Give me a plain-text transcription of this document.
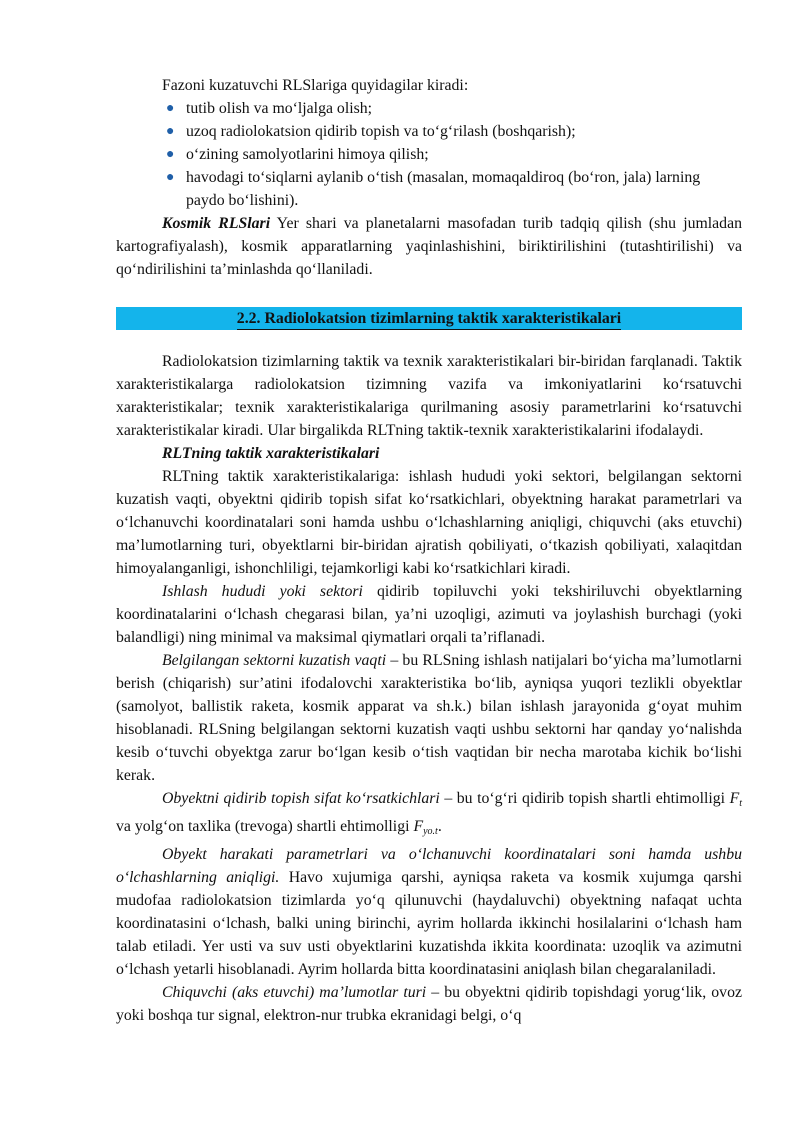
Fazoni kuzatuvchi RLSlariga quyidagilar kiradi:

● tutib olish va mo‘ljalga olish;
● uzoq radiolokatsion qidirib topish va to‘g‘rilash (boshqarish);
● o‘zining samolyotlarini himoya qilish;
● havodagi to‘siqlarni aylanib o‘tish (masalan, momaqaldiroq (bo‘ron, jala) larning paydo bo‘lishini).

Kosmik RLSlari Yer shari va planetalarni masofadan turib tadqiq qilish (shu jumladan kartografiyalash), kosmik apparatlarning yaqinlashishini, biriktirilishini (tutashtirilishi) va qo‘ndirilishini ta’minlashda qo‘llaniladi.

2.2. Radiolokatsion tizimlarning taktik xarakteristikalari

Radiolokatsion tizimlarning taktik va texnik xarakteristikalari bir-biridan farqlanadi. Taktik xarakteristikalarga radiolokatsion tizimning vazifa va imkoniyatlarini ko‘rsatuvchi xarakteristikalar; texnik xarakteristikalariga qurilmaning asosiy parametrlarini ko‘rsatuvchi xarakteristikalar kiradi. Ular birgalikda RLTning taktik-texnik xarakteristikalarini ifodalaydi.

RLTning taktik xarakteristikalari

RLTning taktik xarakteristikalariga: ishlash hududi yoki sektori, belgilangan sektorni kuzatish vaqti, obyektni qidirib topish sifat ko‘rsatkichlari, obyektning harakat parametrlari va o‘lchanuvchi koordinatalari soni hamda ushbu o‘lchashlarning aniqligi, chiquvchi (aks etuvchi) ma’lumotlarning turi, obyektlarni bir-biridan ajratish qobiliyati, o‘tkazish qobiliyati, xalaqitdan himoyalanganligi, ishonchliligi, tejamkorligi kabi ko‘rsatkichlari kiradi.

Ishlash hududi yoki sektori qidirib topiluvchi yoki tekshiriluvchi obyektlarning koordinatalarini o‘lchash chegarasi bilan, ya’ni uzoqligi, azimuti va joylashish burchagi (yoki balandligi) ning minimal va maksimal qiymatlari orqali ta’riflanadi.

Belgilangan sektorni kuzatish vaqti – bu RLSning ishlash natijalari bo‘yicha ma’lumotlarni berish (chiqarish) sur’atini ifodalovchi xarakteristika bo‘lib, ayniqsa yuqori tezlikli obyektlar (samolyot, ballistik raketa, kosmik apparat va sh.k.) bilan ishlash jarayonida g‘oyat muhim hisoblanadi. RLSning belgilangan sektorni kuzatish vaqti ushbu sektorni har qanday yo‘nalishda kesib o‘tuvchi obyektga zarur bo‘lgan kesib o‘tish vaqtidan bir necha marotaba kichik bo‘lishi kerak.

Obyektni qidirib topish sifat ko‘rsatkichlari – bu to‘g‘ri qidirib topish shartli ehtimolligi $F_t$ va yolg‘on taxlika (trevoga) shartli ehtimolligi $F_{yo.t}$.

Obyekt harakati parametrlari va o‘lchanuvchi koordinatalari soni hamda ushbu o‘lchashlarning aniqligi. Havo xujumiga qarshi, ayniqsa raketa va kosmik xujumga qarshi mudofaa radiolokatsion tizimlarda yo‘q qilunuvchi (haydaluvchi) obyektning nafaqat uchta koordinatasini o‘lchash, balki uning birinchi, ayrim hollarda ikkinchi hosilalarini o‘lchash ham talab etiladi. Yer usti va suv usti obyektlarini kuzatishda ikkita koordinata: uzoqlik va azimutni o‘lchash yetarli hisoblanadi. Ayrim hollarda bitta koordinatasini aniqlash bilan chegaralaniladi.

Chiquvchi (aks etuvchi) ma’lumotlar turi – bu obyektni qidirib topishdagi yorug‘lik, ovoz yoki boshqa tur signal, elektron-nur trubka ekranidagi belgi, o‘q
